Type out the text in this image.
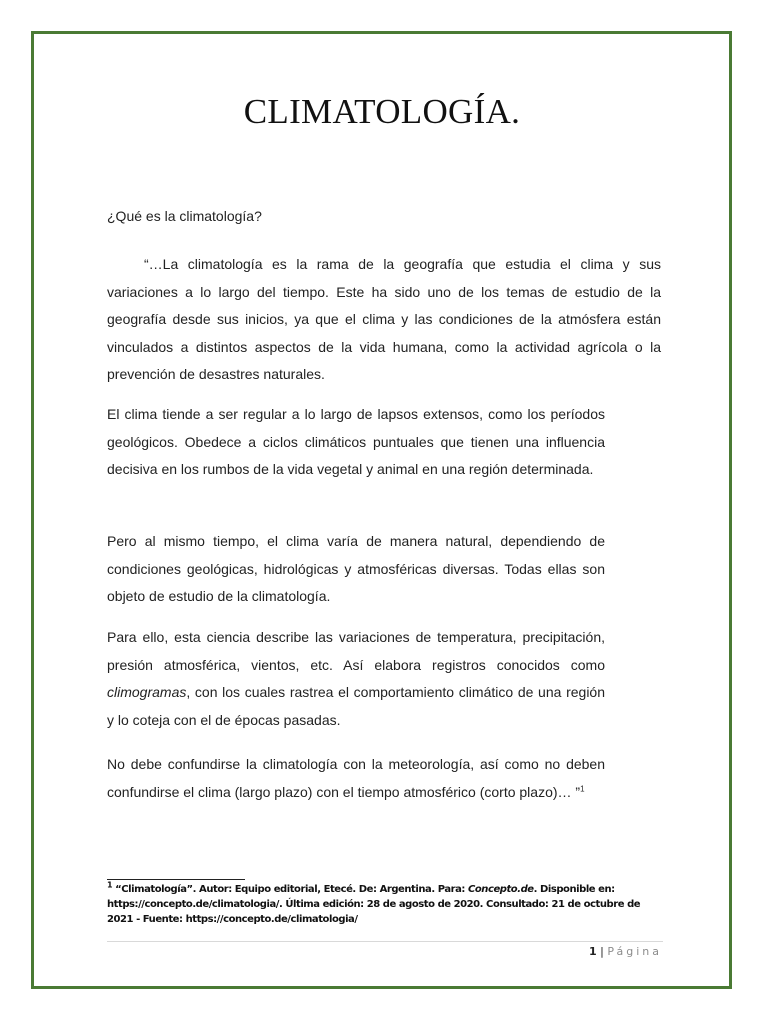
CLIMATOLOGÍA.
¿Qué es la climatología?

“…La climatología es la rama de la geografía que estudia el clima y sus variaciones a lo largo del tiempo. Este ha sido uno de los temas de estudio de la geografía desde sus inicios, ya que el clima y las condiciones de la atmósfera están vinculados a distintos aspectos de la vida humana, como la actividad agrícola o la prevención de desastres naturales.

El clima tiende a ser regular a lo largo de lapsos extensos, como los períodos geológicos. Obedece a ciclos climáticos puntuales que tienen una influencia decisiva en los rumbos de la vida vegetal y animal en una región determinada.

Pero al mismo tiempo, el clima varía de manera natural, dependiendo de condiciones geológicas, hidrológicas y atmosféricas diversas. Todas ellas son objeto de estudio de la climatología.

Para ello, esta ciencia describe las variaciones de temperatura, precipitación, presión atmosférica, vientos, etc. Así elabora registros conocidos como climogramas, con los cuales rastrea el comportamiento climático de una región y lo coteja con el de épocas pasadas.

No debe confundirse la climatología con la meteorología, así como no deben confundirse el clima (largo plazo) con el tiempo atmosférico (corto plazo)… ”$^1$

$^1$ “Climatología”. Autor: Equipo editorial, Etecé. De: Argentina. Para: Concepto.de. Disponible en: https://concepto.de/climatologia/. Última edición: 28 de agosto de 2020. Consultado: 21 de octubre de 2021 - Fuente: https://concepto.de/climatologia/

1 | Página
